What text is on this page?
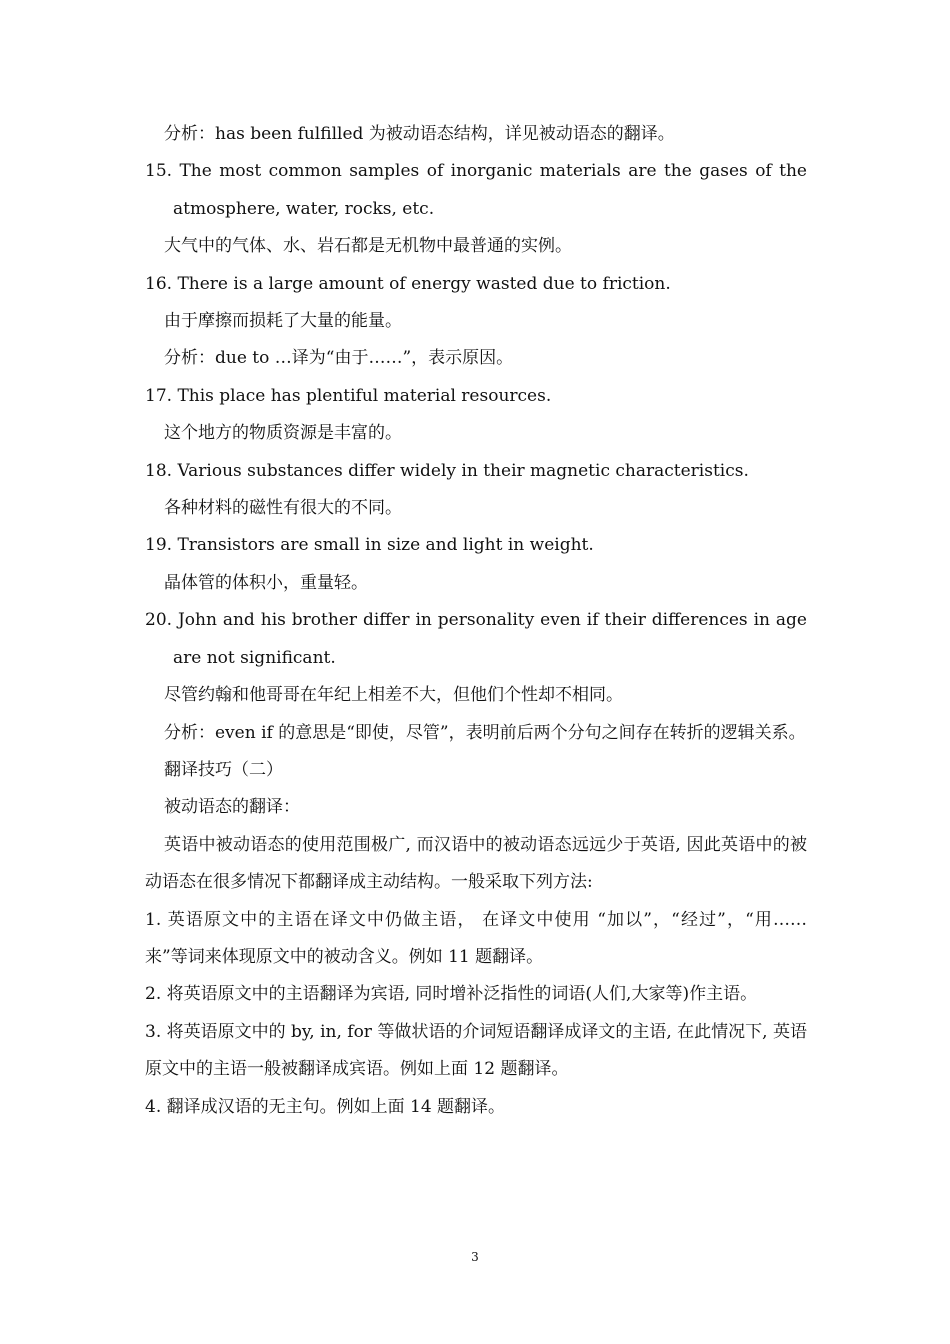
分析：has been fulfilled 为被动语态结构，详见被动语态的翻译。

15. The most common samples of inorganic materials are the gases of the atmosphere, water, rocks, etc.

大气中的气体、水、岩石都是无机物中最普通的实例。

16. There is a large amount of energy wasted due to friction.

由于摩擦而损耗了大量的能量。

分析：due to …译为“由于……”，表示原因。

17. This place has plentiful material resources.

这个地方的物质资源是丰富的。

18. Various substances differ widely in their magnetic characteristics.

各种材料的磁性有很大的不同。

19. Transistors are small in size and light in weight.

晶体管的体积小，重量轻。

20. John and his brother differ in personality even if their differences in age are not significant.

尽管约翰和他哥哥在年纪上相差不大，但他们个性却不相同。

分析：even if 的意思是“即使，尽管”，表明前后两个分句之间存在转折的逻辑关系。

翻译技巧（二）

被动语态的翻译：

英语中被动语态的使用范围极广, 而汉语中的被动语态远远少于英语, 因此英语中的被动语态在很多情况下都翻译成主动结构。一般采取下列方法:

1. 英语原文中的主语在译文中仍做主语， 在译文中使用 “加以”，“经过”，“用……来”等词来体现原文中的被动含义。例如 11 题翻译。

2. 将英语原文中的主语翻译为宾语, 同时增补泛指性的词语(人们,大家等)作主语。

3. 将英语原文中的 by, in, for 等做状语的介词短语翻译成译文的主语, 在此情况下, 英语原文中的主语一般被翻译成宾语。例如上面 12 题翻译。

4. 翻译成汉语的无主句。例如上面 14 题翻译。

3
